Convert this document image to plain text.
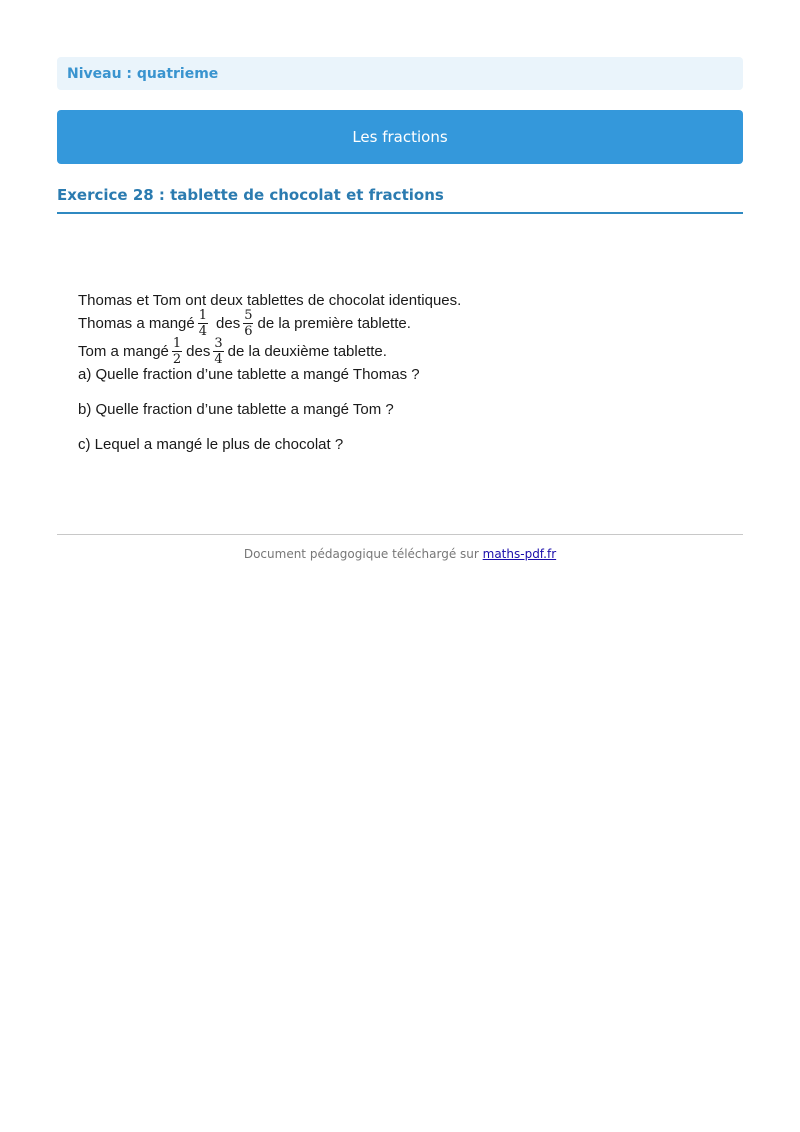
Niveau : quatrieme
Les fractions
Exercice 28 : tablette de chocolat et fractions
Thomas et Tom ont deux tablettes de chocolat identiques.
Thomas a mangé $\frac{1}{4}$ des $\frac{5}{6}$ de la première tablette.
Tom a mangé $\frac{1}{2}$ des $\frac{3}{4}$ de la deuxième tablette.
a) Quelle fraction d’une tablette a mangé Thomas ?
b) Quelle fraction d’une tablette a mangé Tom ?
c) Lequel a mangé le plus de chocolat ?
Document pédagogique téléchargé sur maths-pdf.fr
